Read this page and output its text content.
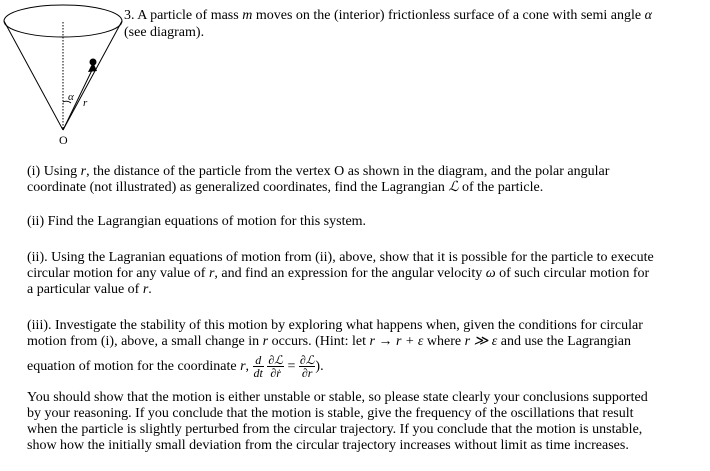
α r
O
3. A particle of mass m moves on the (interior) frictionless surface of a cone with semi angle α
(see diagram).
(i) Using r, the distance of the particle from the vertex O as shown in the diagram, and the polar angular
coordinate (not illustrated) as generalized coordinates, find the Lagrangian ℒ of the particle.
(ii) Find the Lagrangian equations of motion for this system.
(ii). Using the Lagranian equations of motion from (ii), above, show that it is possible for the particle to execute
circular motion for any value of r, and find an expression for the angular velocity ω of such circular motion for
a particular value of r.
(iii). Investigate the stability of this motion by exploring what happens when, given the conditions for circular
motion from (i), above, a small change in r occurs. (Hint: let r → r + ε where r ≫ ε and use the Lagrangian
equation of motion for the coordinate r, $\frac{d}{dt}$
$\frac{\text{∂ℒ}}{\text{∂ṙ}} = \frac{\text{∂ℒ}}{\partial r}$ ).
You should show that the motion is either unstable or stable, so please state clearly your conclusions supported
by your reasoning. If you conclude that the motion is stable, give the frequency of the oscillations that result
when the particle is slightly perturbed from the circular trajectory. If you conclude that the motion is unstable,
show how the initially small deviation from the circular trajectory increases without limit as time increases.
